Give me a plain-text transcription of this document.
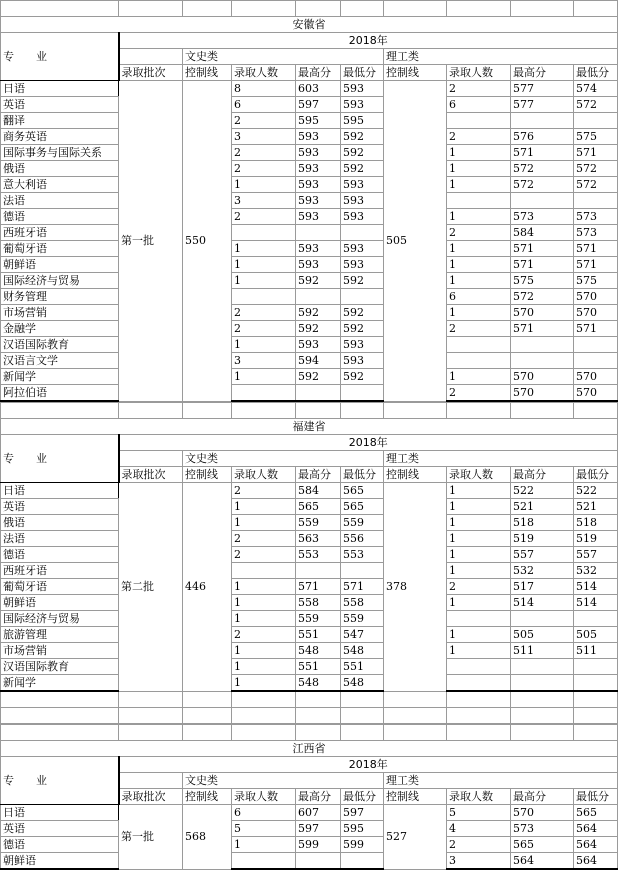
安徽省									
专　　业	2018年								
		文史类				理工类			
	录取批次	控制线	录取人数	最高分	最低分	控制线	录取人数	最高分	最低分
日语	第一批	550	8	603	593	505	2	577	574
英语			6	597	593		6	577	572
翻译			2	595	595				
商务英语			3	593	592		2	576	575
国际事务与国际关系			2	593	592		1	571	571
俄语			2	593	592		1	572	572
意大利语			1	593	593		1	572	572
法语			3	593	593				
德语			2	593	593		1	573	573
西班牙语							2	584	573
葡萄牙语			1	593	593		1	571	571
朝鲜语			1	593	593		1	571	571
国际经济与贸易			1	592	592		1	575	575
财务管理							6	572	570
市场营销			2	592	592		1	570	570
金融学			2	592	592		2	571	571
汉语国际教育			1	593	593				
汉语言文学			3	594	593				
新闻学			1	592	592		1	570	570
阿拉伯语							2	570	570

福建省									
专　　业	2018年								
		文史类				理工类			
	录取批次	控制线	录取人数	最高分	最低分	控制线	录取人数	最高分	最低分
日语	第二批	446	2	584	565	378	1	522	522
英语			1	565	565		1	521	521
俄语			1	559	559		1	518	518
法语			2	563	556		1	519	519
德语			2	553	553		1	557	557
西班牙语							1	532	532
葡萄牙语			1	571	571		2	517	514
朝鲜语			1	558	558		1	514	514
国际经济与贸易			1	559	559				
旅游管理			2	551	547		1	505	505
市场营销			1	548	548		1	511	511
汉语国际教育			1	551	551				
新闻学			1	548	548				

江西省									
专　　业	2018年								
		文史类				理工类			
	录取批次	控制线	录取人数	最高分	最低分	控制线	录取人数	最高分	最低分
日语	第一批	568	6	607	597	527	5	570	565
英语			5	597	595		4	573	564
德语			1	599	599		2	565	564
朝鲜语							3	564	564
